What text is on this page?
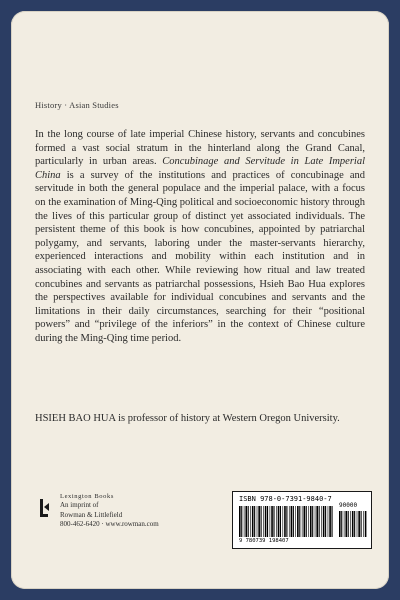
History · Asian Studies

In the long course of late imperial Chinese history, servants and concubines formed a vast social stratum in the hinterland along the Grand Canal, particularly in urban areas. Concubinage and Servitude in Late Imperial China is a survey of the institutions and practices of concubinage and servitude in both the general populace and the imperial palace, with a focus on the examination of Ming-Qing political and socioeconomic history through the lives of this particular group of distinct yet associated individuals. The persistent theme of this book is how concubines, appointed by patriarchal polygamy, and servants, laboring under the master-servants hierarchy, experienced interactions and mobility within each institution and in associating with each other. While reviewing how ritual and law treated concubines and servants as patriarchal possessions, Hsieh Bao Hua explores the perspectives available for individual concubines and servants and the limitations in their daily circumstances, searching for their “positional powers” and “privilege of the inferiors” in the context of Chinese culture during the Ming-Qing time period.

HSIEH BAO HUA is professor of history at Western Oregon University.
Lexington Books
An imprint of
Rowman & Littlefield
800-462-6420 · www.rowman.com
ISBN 978-0-7391-9840-7
9 780739 198407
90000
